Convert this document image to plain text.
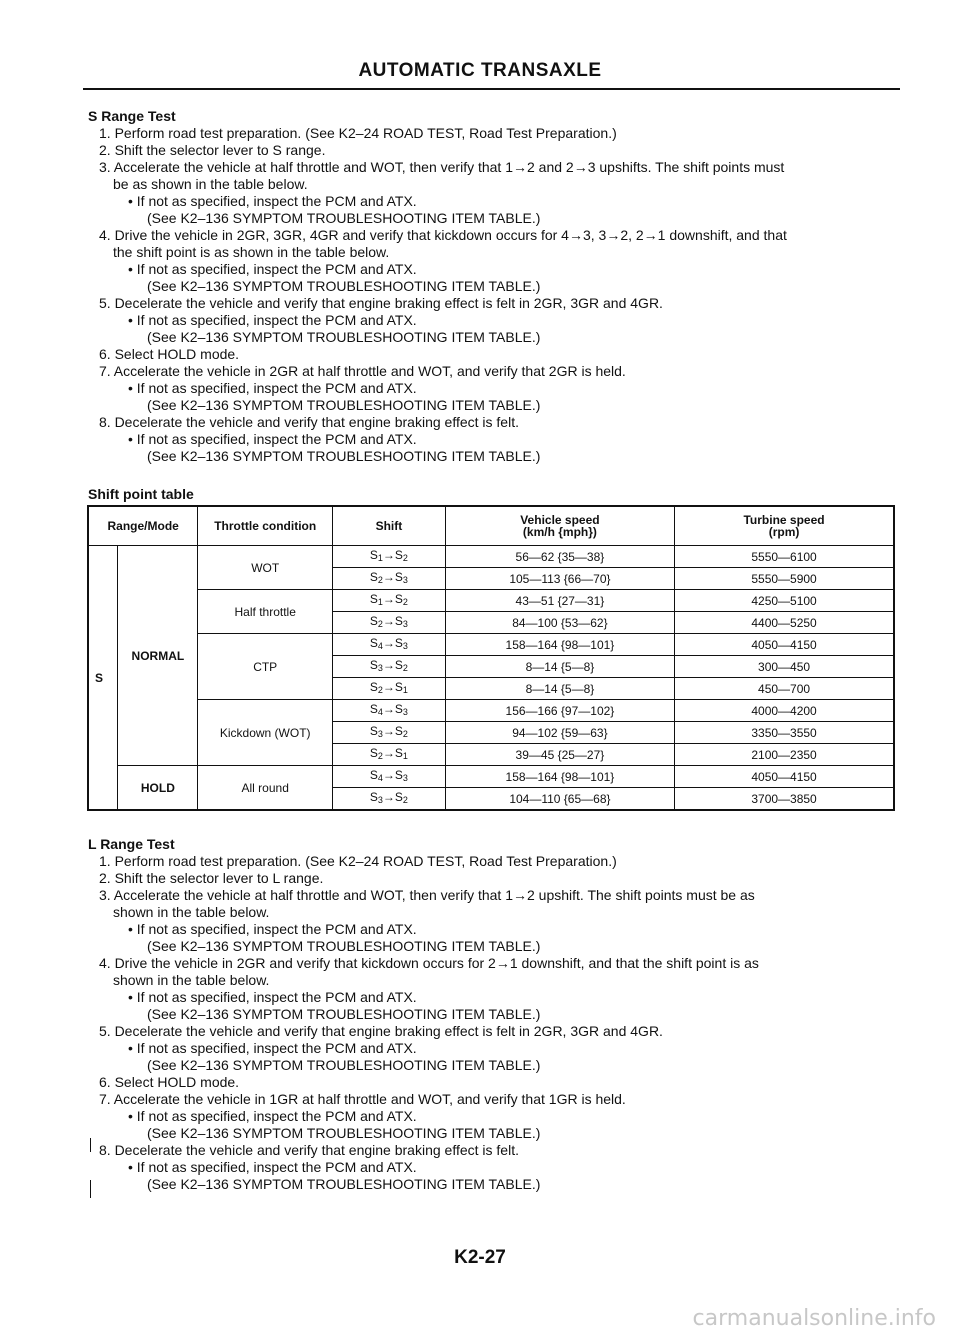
AUTOMATIC TRANSAXLE
S Range Test
1. Perform road test preparation. (See K2–24 ROAD TEST, Road Test Preparation.)
2. Shift the selector lever to S range.
3. Accelerate the vehicle at half throttle and WOT, then verify that 1→2 and 2→3 upshifts. The shift points must
be as shown in the table below.
• If not as specified, inspect the PCM and ATX.
(See K2–136 SYMPTOM TROUBLESHOOTING ITEM TABLE.)
4. Drive the vehicle in 2GR, 3GR, 4GR and verify that kickdown occurs for 4→3, 3→2, 2→1 downshift, and that
the shift point is as shown in the table below.
• If not as specified, inspect the PCM and ATX.
(See K2–136 SYMPTOM TROUBLESHOOTING ITEM TABLE.)
5. Decelerate the vehicle and verify that engine braking effect is felt in 2GR, 3GR and 4GR.
• If not as specified, inspect the PCM and ATX.
(See K2–136 SYMPTOM TROUBLESHOOTING ITEM TABLE.)
6. Select HOLD mode.
7. Accelerate the vehicle in 2GR at half throttle and WOT, and verify that 2GR is held.
• If not as specified, inspect the PCM and ATX.
(See K2–136 SYMPTOM TROUBLESHOOTING ITEM TABLE.)
8. Decelerate the vehicle and verify that engine braking effect is felt.
• If not as specified, inspect the PCM and ATX.
(See K2–136 SYMPTOM TROUBLESHOOTING ITEM TABLE.)
Shift point table
Range/Mode		Throttle condition	Shift	Vehicle speed
(km/h {mph})	Turbine speed
(rpm)
S	NORMAL	WOT	$S_1\to S_2$	56—62 {35—38}	5550—6100
			$S_2\to S_3$	105—113 {66—70}	5550—5900
		Half throttle	$S_1\to S_2$	43—51 {27—31}	4250—5100
			$S_2\to S_3$	84—100 {53—62}	4400—5250
		CTP	$S_4\to S_3$	158—164 {98—101}	4050—4150
			$S_3\to S_2$	8—14 {5—8}	300—450
			$S_2\to S_1$	8—14 {5—8}	450—700
		Kickdown (WOT)	$S_4\to S_3$	156—166 {97—102}	4000—4200
			$S_3\to S_2$	94—102 {59—63}	3350—3550
			$S_2\to S_1$	39—45 {25—27}	2100—2350
	HOLD	All round	$S_4\to S_3$	158—164 {98—101}	4050—4150
			$S_3\to S_2$	104—110 {65—68}	3700—3850
L Range Test
1. Perform road test preparation. (See K2–24 ROAD TEST, Road Test Preparation.)
2. Shift the selector lever to L range.
3. Accelerate the vehicle at half throttle and WOT, then verify that 1→2 upshift. The shift points must be as
shown in the table below.
• If not as specified, inspect the PCM and ATX.
(See K2–136 SYMPTOM TROUBLESHOOTING ITEM TABLE.)
4. Drive the vehicle in 2GR and verify that kickdown occurs for 2→1 downshift, and that the shift point is as
shown in the table below.
• If not as specified, inspect the PCM and ATX.
(See K2–136 SYMPTOM TROUBLESHOOTING ITEM TABLE.)
5. Decelerate the vehicle and verify that engine braking effect is felt in 2GR, 3GR and 4GR.
• If not as specified, inspect the PCM and ATX.
(See K2–136 SYMPTOM TROUBLESHOOTING ITEM TABLE.)
6. Select HOLD mode.
7. Accelerate the vehicle in 1GR at half throttle and WOT, and verify that 1GR is held.
• If not as specified, inspect the PCM and ATX.
(See K2–136 SYMPTOM TROUBLESHOOTING ITEM TABLE.)
8. Decelerate the vehicle and verify that engine braking effect is felt.
• If not as specified, inspect the PCM and ATX.
(See K2–136 SYMPTOM TROUBLESHOOTING ITEM TABLE.)
K2-27
carmanualsonline.info
